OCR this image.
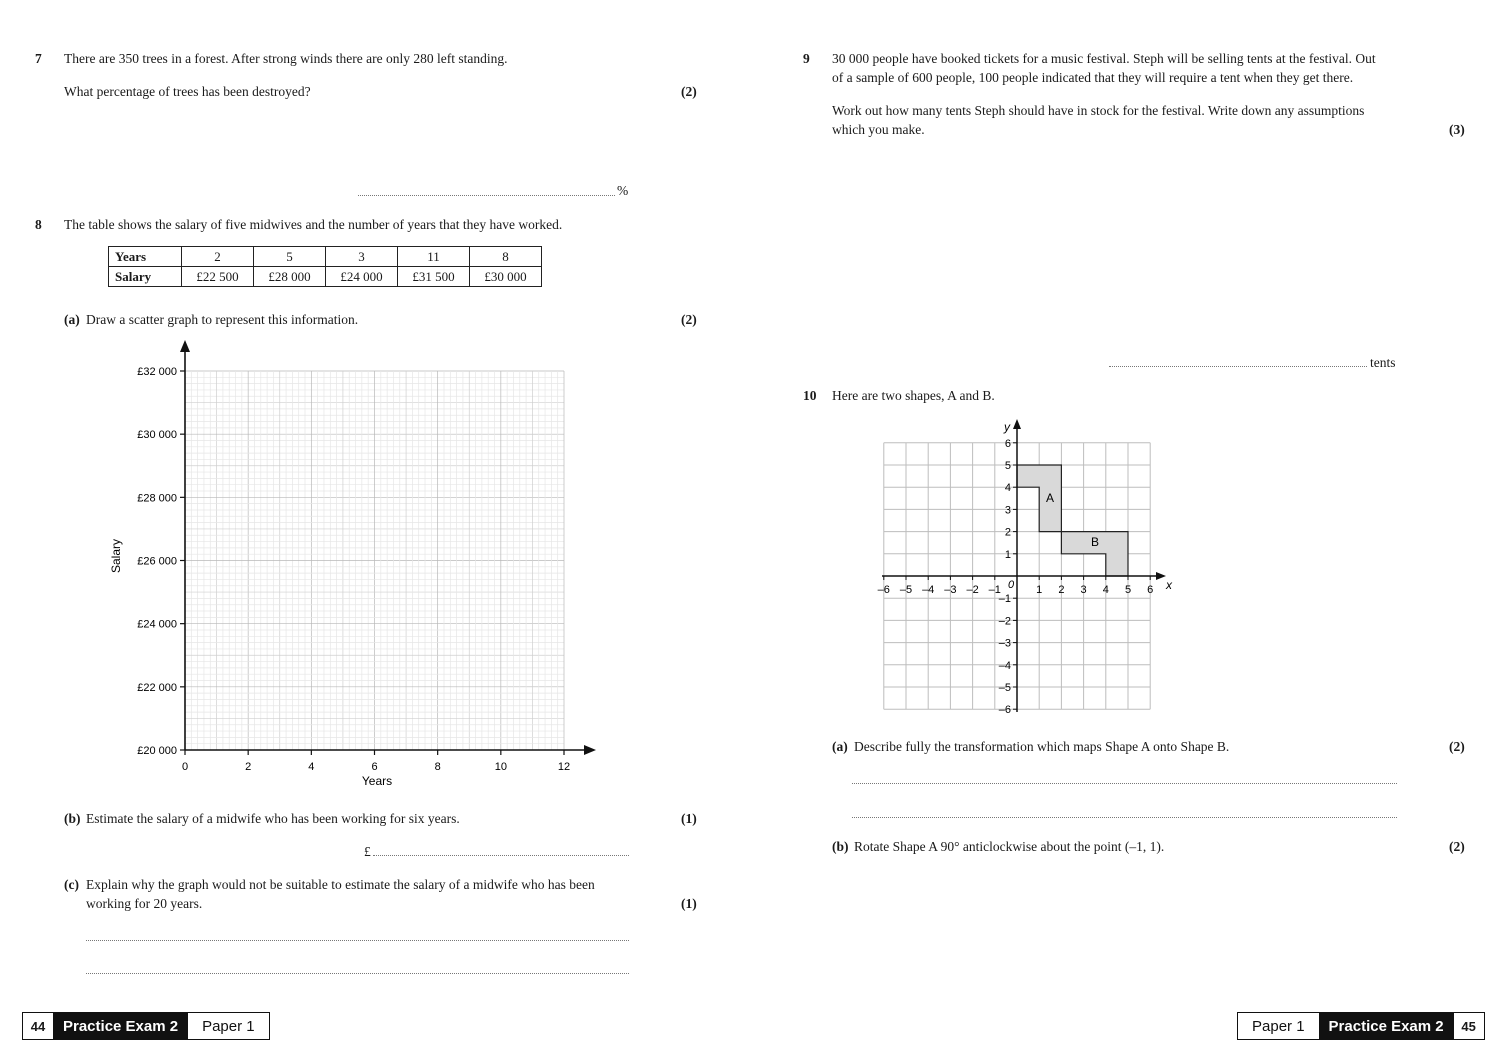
7 There are 350 trees in a forest. After strong winds there are only 280 left standing.
What percentage of trees has been destroyed?	(2)
%
8 The table shows the salary of five midwives and the number of years that they have worked.
Years	2	5	3	11	8
Salary	£22 500	£28 000	£24 000	£31 500	£30 000
(a) Draw a scatter graph to represent this information.	(2)
0	2	4	6	8	10	12
£20 000
£22 000
£24 000
£26 000
£28 000
£30 000
£32 000
Years
Salary
(b) Estimate the salary of a midwife who has been working for six years.	(1)
£
(c) Explain why the graph would not be suitable to estimate the salary of a midwife who has been
working for 20 years.	(1)
44	Practice Exam 2	Paper 1
9 30 000 people have booked tickets for a music festival. Steph will be selling tents at the festival. Out
of a sample of 600 people, 100 people indicated that they will require a tent when they get there.
Work out how many tents Steph should have in stock for the festival. Write down any assumptions
which you make.	(3)
tents
10 Here are two shapes, A and B.
–6 –5 –4 –3 –2 –1	1 2 3 4 5 6
6
5
4
3
2
1
–1
–2
–3
–4
–5
–6
A
B
y
x
0
(a) Describe fully the transformation which maps Shape A onto Shape B.	(2)
(b) Rotate Shape A 90° anticlockwise about the point (–1, 1).	(2)
Paper 1	Practice Exam 2	45
